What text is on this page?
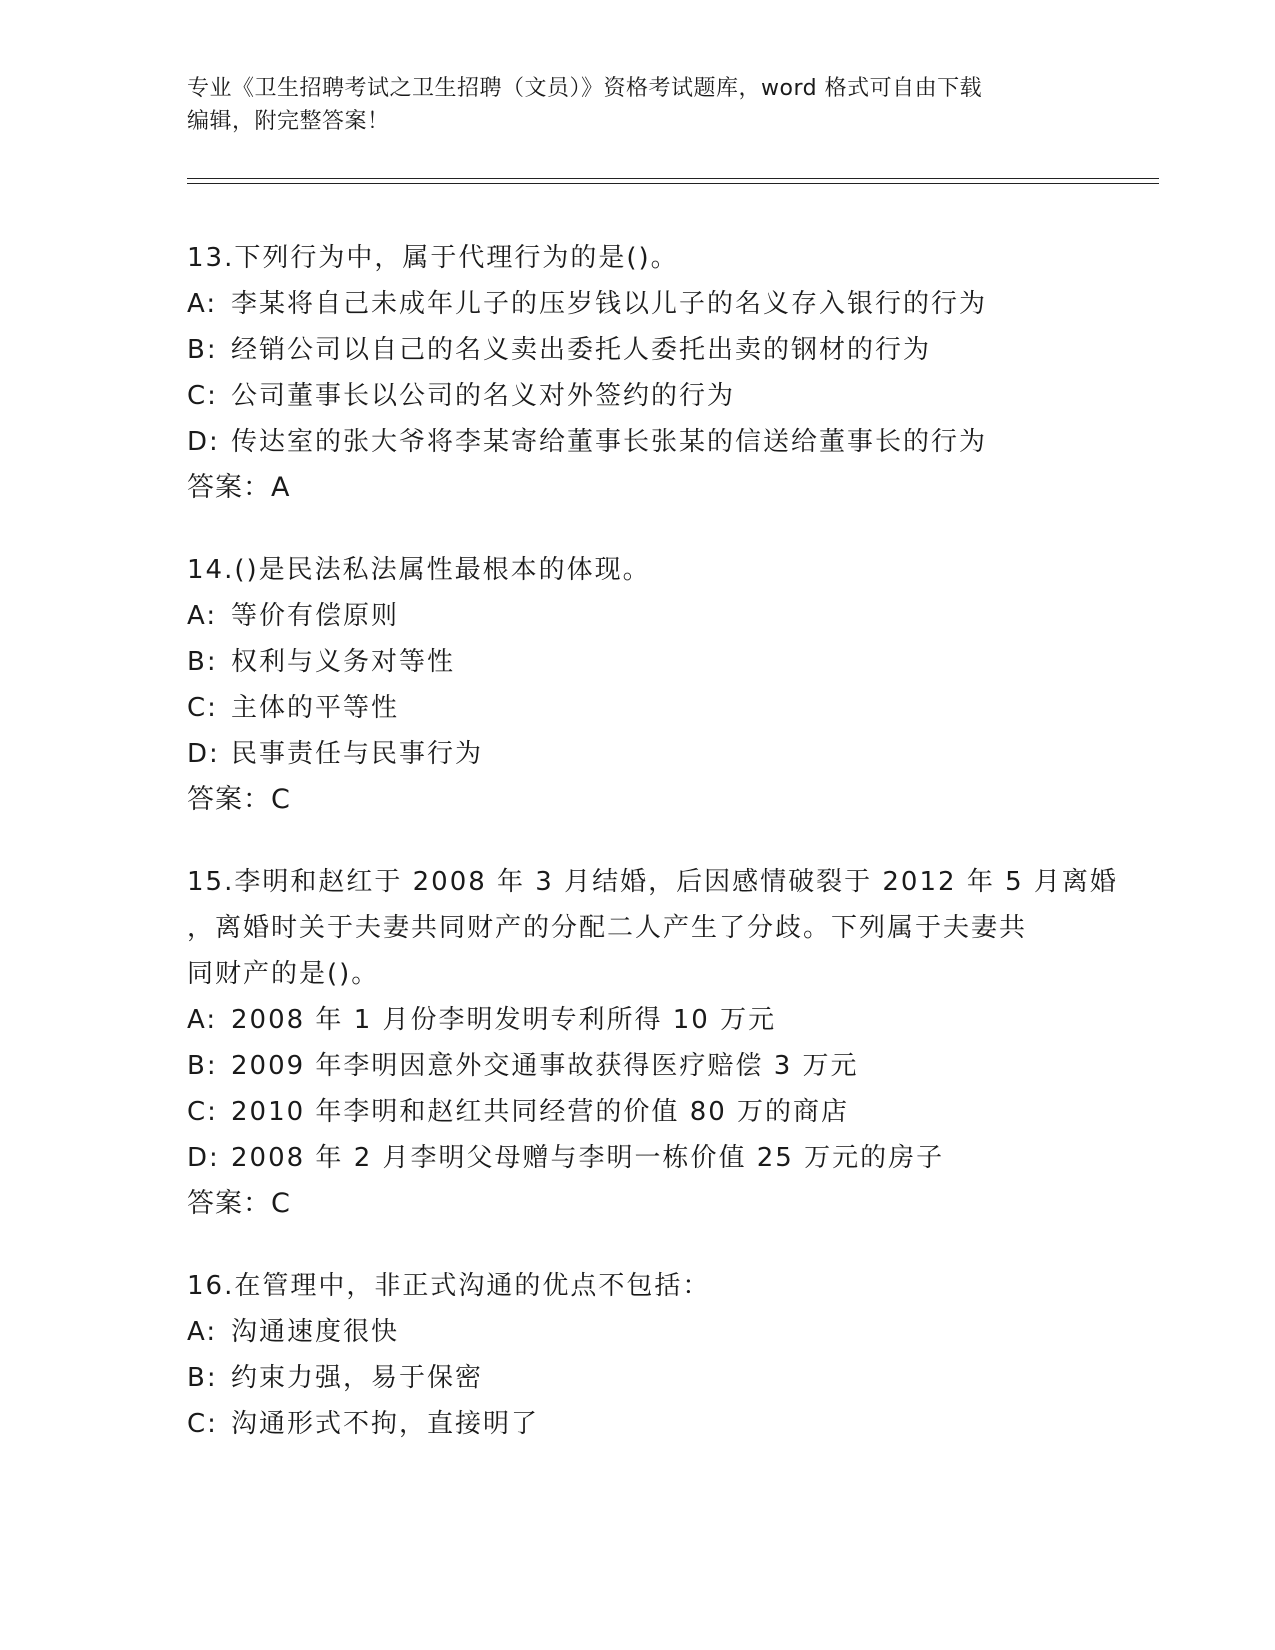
专业《卫生招聘考试之卫生招聘（文员）》资格考试题库，word 格式可自由下载

编辑，附完整答案！

13.下列行为中，属于代理行为的是()。

A: 李某将自己未成年儿子的压岁钱以儿子的名义存入银行的行为

B: 经销公司以自己的名义卖出委托人委托出卖的钢材的行为

C: 公司董事长以公司的名义对外签约的行为

D: 传达室的张大爷将李某寄给董事长张某的信送给董事长的行为

答案：A

14.()是民法私法属性最根本的体现。

A: 等价有偿原则

B: 权利与义务对等性

C: 主体的平等性

D: 民事责任与民事行为

答案：C

15.李明和赵红于 2008 年 3 月结婚，后因感情破裂于 2012 年 5 月离婚

，离婚时关于夫妻共同财产的分配二人产生了分歧。下列属于夫妻共

同财产的是()。

A: 2008 年 1 月份李明发明专利所得 10 万元

B: 2009 年李明因意外交通事故获得医疗赔偿 3 万元

C: 2010 年李明和赵红共同经营的价值 80 万的商店

D: 2008 年 2 月李明父母赠与李明一栋价值 25 万元的房子

答案：C

16.在管理中，非正式沟通的优点不包括：

A: 沟通速度很快

B: 约束力强，易于保密

C: 沟通形式不拘，直接明了
